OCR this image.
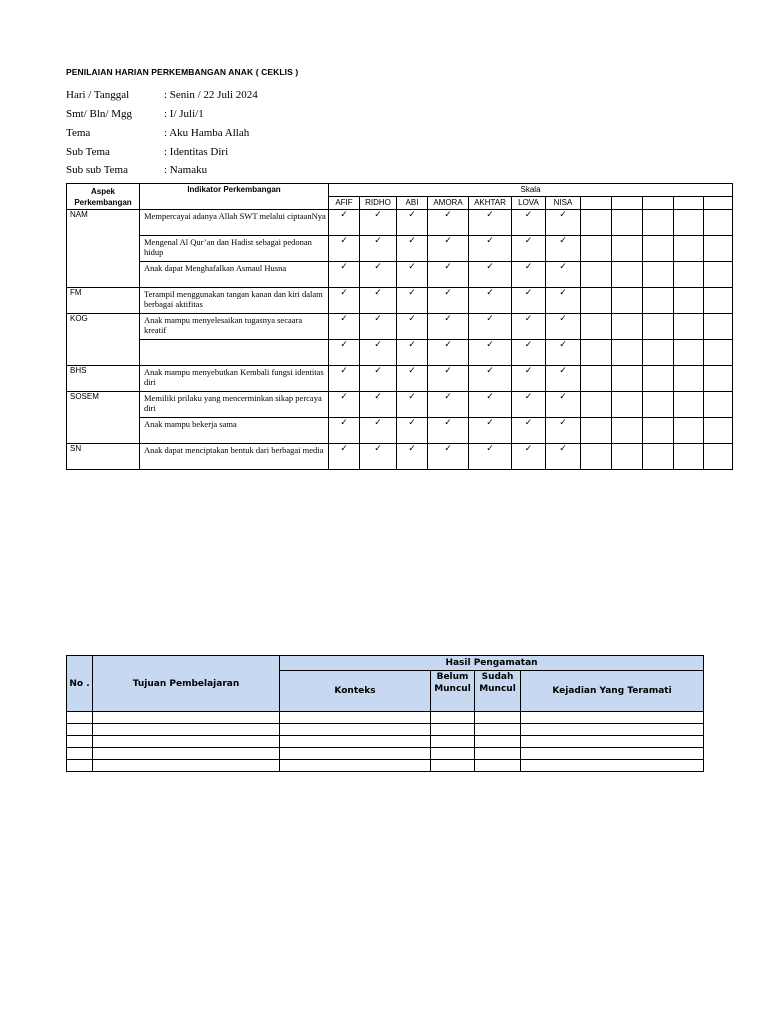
PENILAIAN HARIAN PERKEMBANGAN ANAK ( CEKLIS )
Hari / Tanggal	: Senin / 22 Juli 2024
Smt/ Bln/ Mgg	: I/ Juli/1
Tema	: Aku Hamba Allah
Sub Tema	: Identitas Diri
Sub sub Tema	: Namaku
Aspek Perkembangan	Indikator Perkembangan	Skala											
		AFIF	RIDHO	ABI	AMORA	AKHTAR	LOVA	NISA					
NAM	Mempercayai adanya Allah SWT melalui ciptaanNya	✓	✓	✓	✓	✓	✓	✓					
	Mengenal Al Qur’an dan Hadist sebagai pedonan hidup	✓	✓	✓	✓	✓	✓	✓					
	Anak dapat Menghafalkan Asmaul Husna	✓	✓	✓	✓	✓	✓	✓					
FM	Terampil menggunakan tangan kanan dan kiri dalam berbagai aktifitas	✓	✓	✓	✓	✓	✓	✓					
KOG	Anak mampu menyelesaikan tugasnya secaara kreatif	✓	✓	✓	✓	✓	✓	✓					
		✓	✓	✓	✓	✓	✓	✓					
BHS	Anak mampu menyebutkan Kembali fungsi identitas diri	✓	✓	✓	✓	✓	✓	✓					
SOSEM	Memiliki prilaku yang mencerminkan sikap percaya diri	✓	✓	✓	✓	✓	✓	✓					
	Anak mampu bekerja sama	✓	✓	✓	✓	✓	✓	✓					
SN	Anak dapat menciptakan bentuk dari berbagai media	✓	✓	✓	✓	✓	✓	✓					
No .	Tujuan Pembelajaran	Hasil Pengamatan			
		Konteks	Belum Muncul	Sudah Muncul	Kejadian Yang Teramati
